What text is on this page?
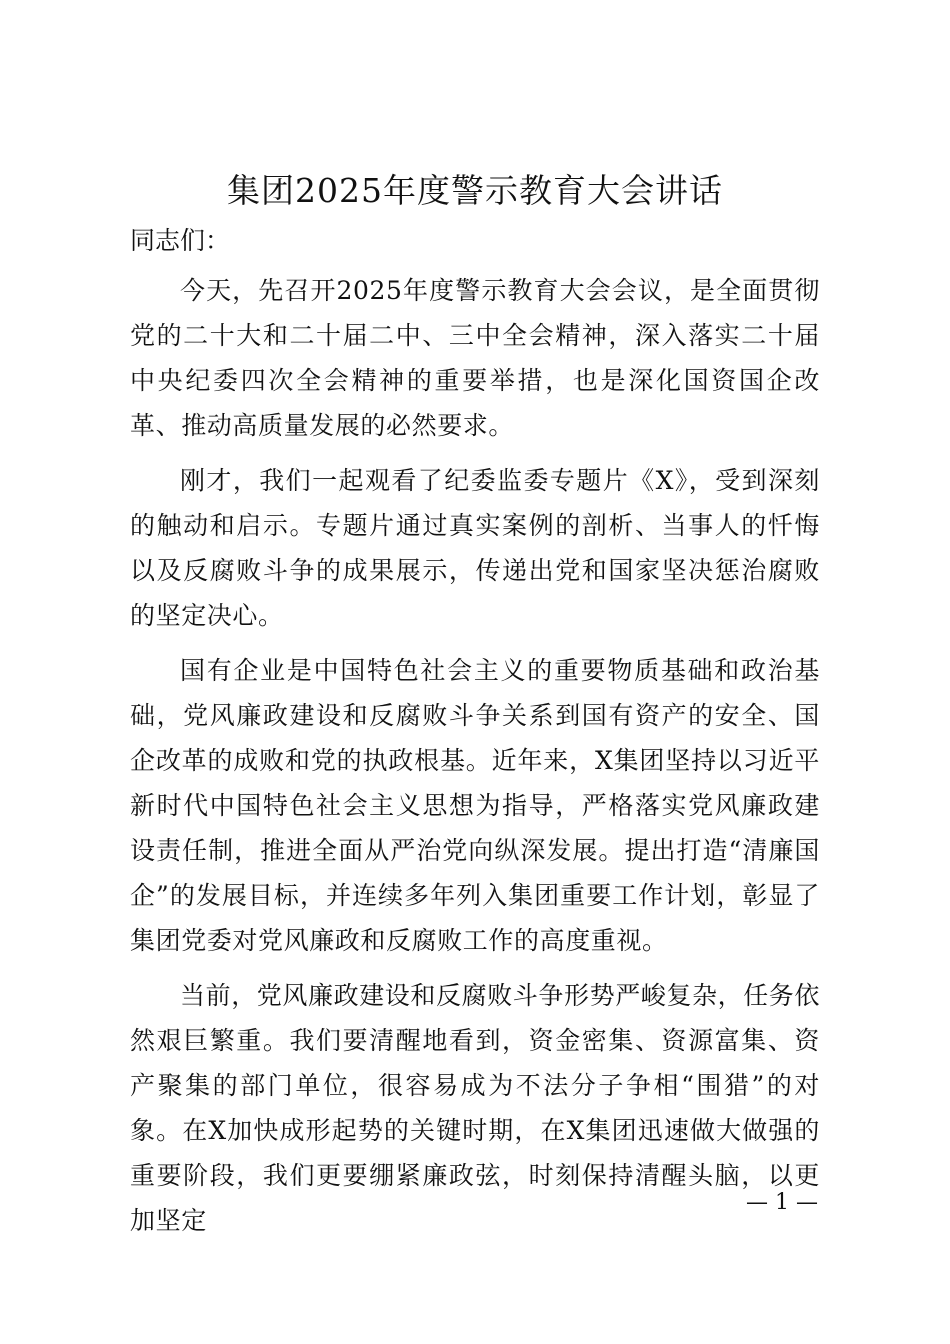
集团2025年度警示教育大会讲话
同志们：

今天，先召开2025年度警示教育大会会议，是全面贯彻党的二十大和二十届二中、三中全会精神，深入落实二十届中央纪委四次全会精神的重要举措，也是深化国资国企改革、推动高质量发展的必然要求。

刚才，我们一起观看了纪委监委专题片《X》，受到深刻的触动和启示。专题片通过真实案例的剖析、当事人的忏悔以及反腐败斗争的成果展示，传递出党和国家坚决惩治腐败的坚定决心。

国有企业是中国特色社会主义的重要物质基础和政治基础，党风廉政建设和反腐败斗争关系到国有资产的安全、国企改革的成败和党的执政根基。近年来，X集团坚持以习近平新时代中国特色社会主义思想为指导，严格落实党风廉政建设责任制，推进全面从严治党向纵深发展。提出打造“清廉国企”的发展目标，并连续多年列入集团重要工作计划，彰显了集团党委对党风廉政和反腐败工作的高度重视。

当前，党风廉政建设和反腐败斗争形势严峻复杂，任务依然艰巨繁重。我们要清醒地看到，资金密集、资源富集、资产聚集的部门单位，很容易成为不法分子争相“围猎”的对象。在X加快成形起势的关键时期，在X集团迅速做大做强的重要阶段，我们更要绷紧廉政弦，时刻保持清醒头脑，以更加坚定

— 1 —
